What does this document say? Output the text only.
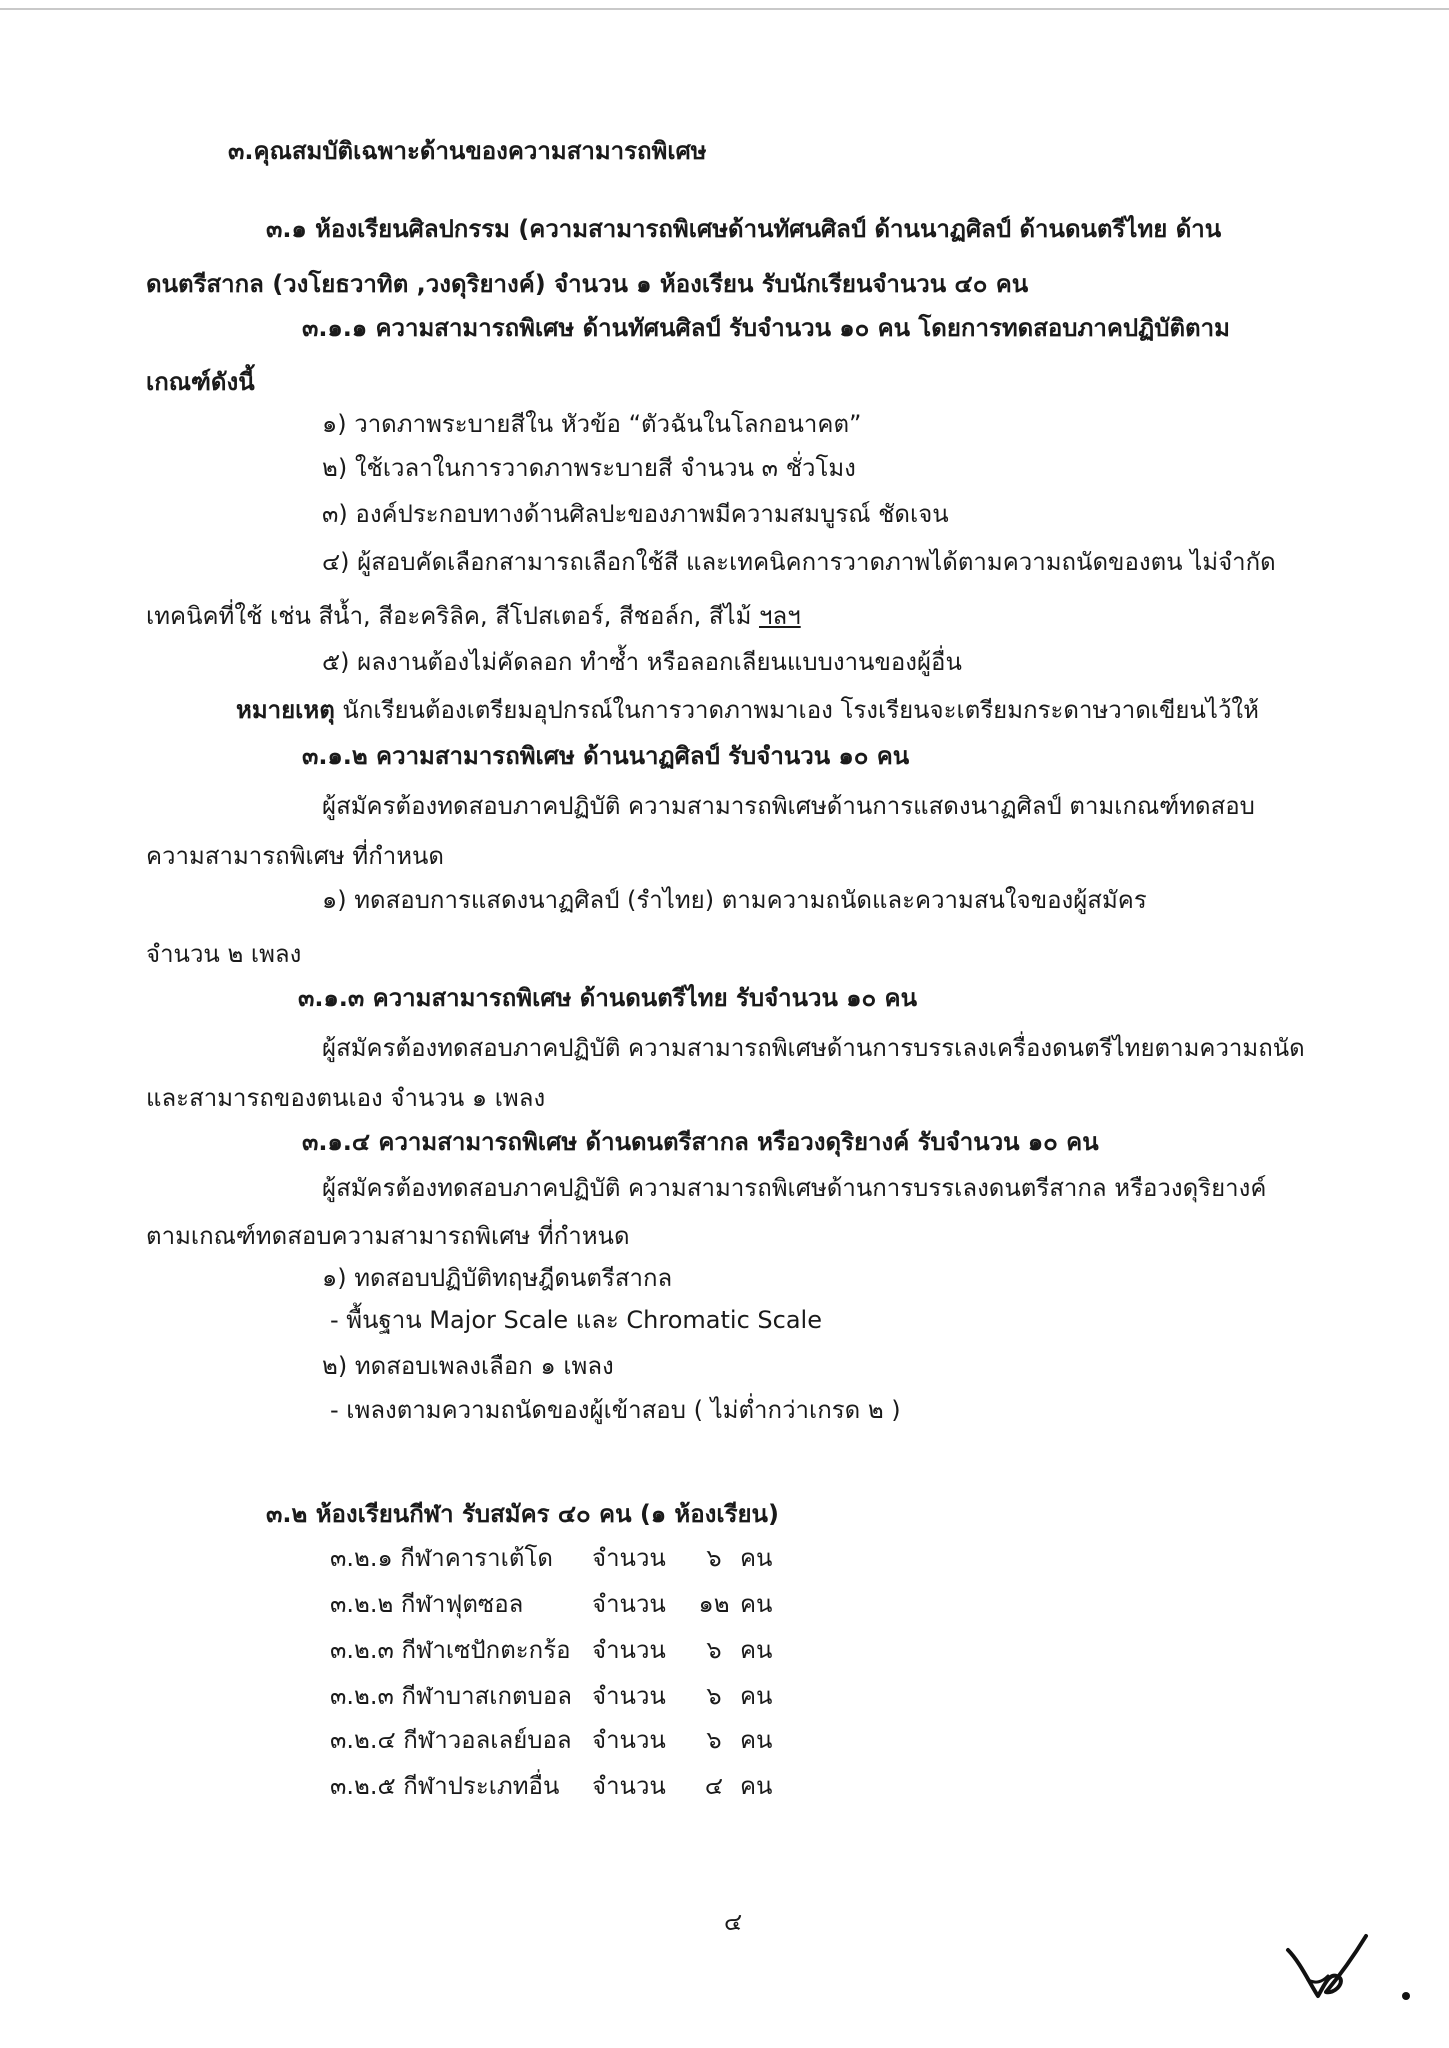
๓.คุณสมบัติเฉพาะด้านของความสามารถพิเศษ
๓.๑ ห้องเรียนศิลปกรรม (ความสามารถพิเศษด้านทัศนศิลป์ ด้านนาฏศิลป์ ด้านดนตรีไทย ด้าน
ดนตรีสากล (วงโยธวาทิต ,วงดุริยางค์) จำนวน ๑ ห้องเรียน รับนักเรียนจำนวน ๔๐ คน
๓.๑.๑ ความสามารถพิเศษ ด้านทัศนศิลป์ รับจำนวน ๑๐ คน โดยการทดสอบภาคปฏิบัติตาม
เกณฑ์ดังนี้
๑) วาดภาพระบายสีใน หัวข้อ “ตัวฉันในโลกอนาคต”
๒) ใช้เวลาในการวาดภาพระบายสี จำนวน ๓ ชั่วโมง
๓) องค์ประกอบทางด้านศิลปะของภาพมีความสมบูรณ์ ชัดเจน
๔) ผู้สอบคัดเลือกสามารถเลือกใช้สี และเทคนิคการวาดภาพได้ตามความถนัดของตน ไม่จำกัด
เทคนิคที่ใช้ เช่น สีน้ำ, สีอะคริลิค, สีโปสเตอร์, สีชอล์ก, สีไม้ ฯลฯ
๕) ผลงานต้องไม่คัดลอก ทำซ้ำ หรือลอกเลียนแบบงานของผู้อื่น
หมายเหตุ นักเรียนต้องเตรียมอุปกรณ์ในการวาดภาพมาเอง โรงเรียนจะเตรียมกระดาษวาดเขียนไว้ให้
๓.๑.๒ ความสามารถพิเศษ ด้านนาฏศิลป์ รับจำนวน ๑๐ คน
ผู้สมัครต้องทดสอบภาคปฏิบัติ ความสามารถพิเศษด้านการแสดงนาฏศิลป์ ตามเกณฑ์ทดสอบ
ความสามารถพิเศษ ที่กำหนด
๑) ทดสอบการแสดงนาฏศิลป์ (รำไทย) ตามความถนัดและความสนใจของผู้สมัคร
จำนวน ๒ เพลง
๓.๑.๓ ความสามารถพิเศษ ด้านดนตรีไทย รับจำนวน ๑๐ คน
ผู้สมัครต้องทดสอบภาคปฏิบัติ ความสามารถพิเศษด้านการบรรเลงเครื่องดนตรีไทยตามความถนัด
และสามารถของตนเอง จำนวน ๑ เพลง
๓.๑.๔ ความสามารถพิเศษ ด้านดนตรีสากล หรือวงดุริยางค์ รับจำนวน ๑๐ คน
ผู้สมัครต้องทดสอบภาคปฏิบัติ ความสามารถพิเศษด้านการบรรเลงดนตรีสากล หรือวงดุริยางค์
ตามเกณฑ์ทดสอบความสามารถพิเศษ ที่กำหนด
๑) ทดสอบปฏิบัติทฤษฎีดนตรีสากล
- พื้นฐาน Major Scale และ Chromatic Scale
๒) ทดสอบเพลงเลือก ๑ เพลง
- เพลงตามความถนัดของผู้เข้าสอบ ( ไม่ต่ำกว่าเกรด ๒ )
๓.๒ ห้องเรียนกีฬา รับสมัคร ๔๐ คน (๑ ห้องเรียน)
๓.๒.๑ กีฬาคาราเต้โด จำนวน ๖ คน
๓.๒.๒ กีฬาฟุตซอล	จำนวน ๑๒ คน
๓.๒.๓ กีฬาเซปักตะกร้อ จำนวน ๖ คน
๓.๒.๓ กีฬาบาสเกตบอล จำนวน ๖ คน
๓.๒.๔ กีฬาวอลเลย์บอล จำนวน ๖ คน
๓.๒.๕ กีฬาประเภทอื่น จำนวน ๔ คน
๔
